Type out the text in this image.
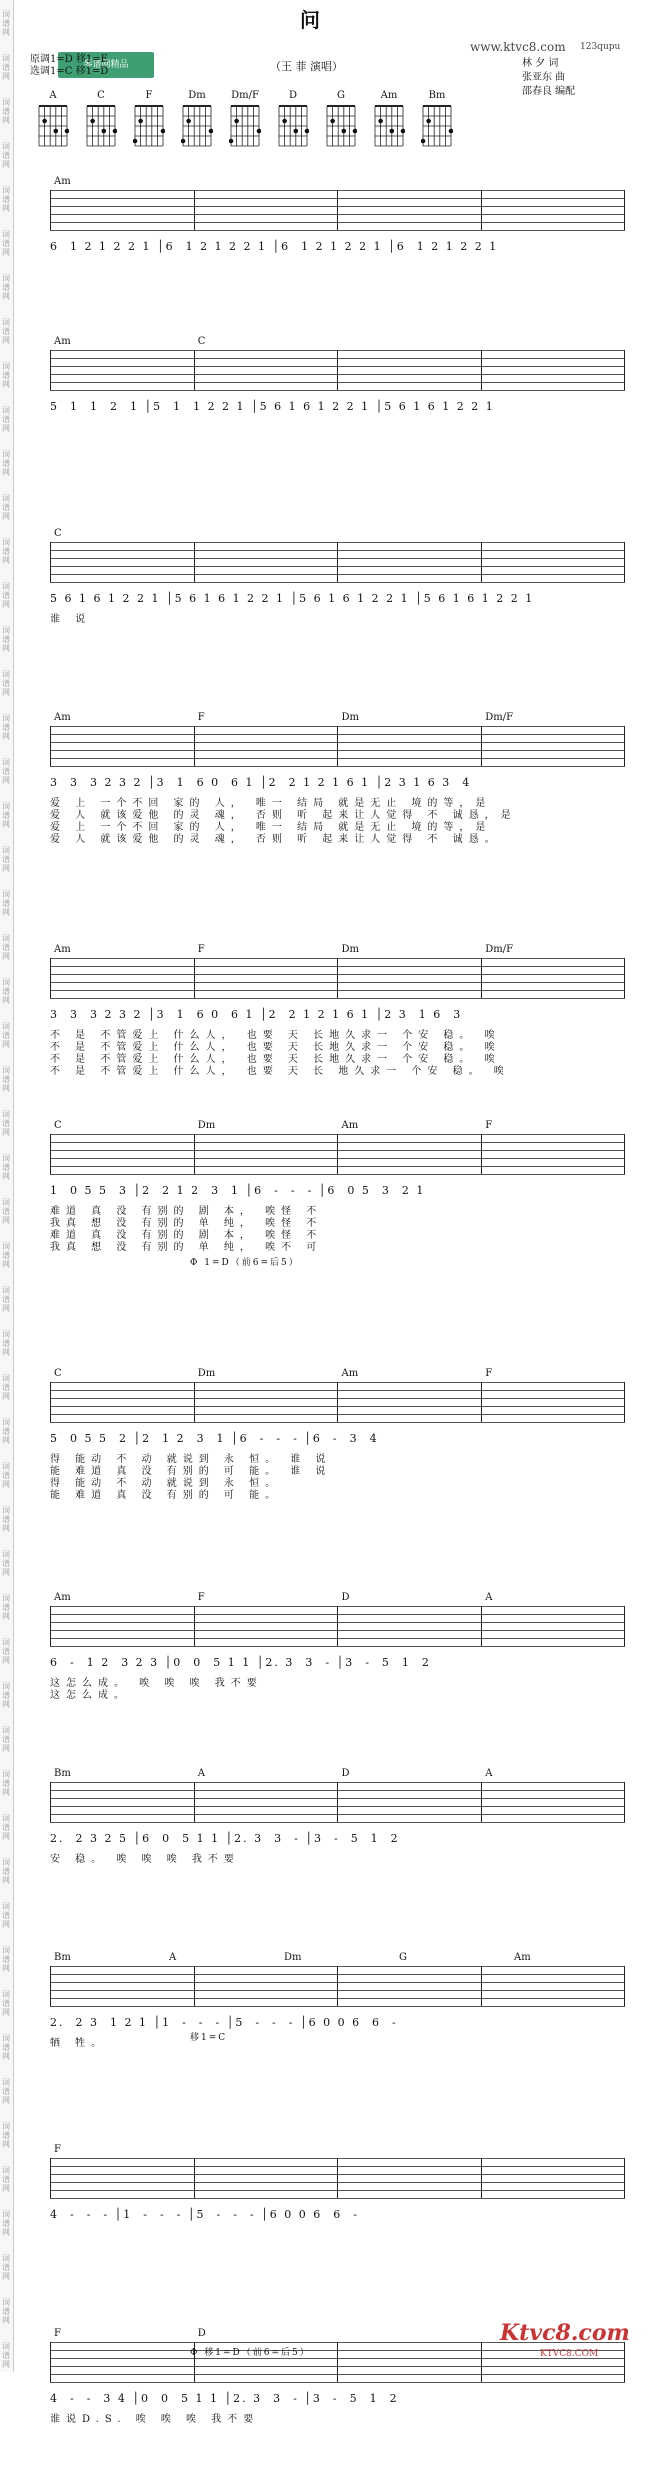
词谱网
词谱网
词谱网
词谱网
词谱网
词谱网
词谱网
词谱网
词谱网
词谱网
词谱网
词谱网
词谱网
词谱网
词谱网
词谱网
词谱网
词谱网
词谱网
词谱网
词谱网
词谱网
词谱网
词谱网
词谱网
词谱网
词谱网
词谱网
词谱网
词谱网
词谱网
词谱网
词谱网
词谱网
词谱网
词谱网
词谱网
词谱网
词谱网
词谱网
词谱网
词谱网
词谱网
词谱网
词谱网
词谱网
词谱网
词谱网
词谱网
词谱网
词谱网
词谱网
词谱网
词谱网
琴谱网精品
原调1=D 移1=E
选调1=C 移1=D
问
（王 菲 演唱）
www.ktvc8.com 123qupu
林 夕 词
张亚东 曲
邵春良 编配
A	C	F	Dm	Dm/F	D	G	Am	Bm
Am
6  1 2 1 2 2 1 │6  1 2 1 2 2 1 │6  1 2 1 2 2 1 │6  1 2 1 2 2 1
Am	C
5  1  1  2  1 │5  1  1 2 2 1 │5 6 1 6 1 2 2 1 │5 6 1 6 1 2 2 1
C
5 6 1 6 1 2 2 1 │5 6 1 6 1 2 2 1 │5 6 1 6 1 2 2 1 │5 6 1 6 1 2 2 1
谁 说
Am	F	Dm	Dm/F
3  3  3 2 3 2 │3  1  6 0  6 1 │2  2 1 2 1 6 1 │2 3 1 6 3  4
爱 上 一个不回 家的 人， 唯一 结局 就是无止 境的等，是
爱 人 就该爱他 的灵 魂， 否则 听 起来让人觉得 不 诚恳，是
爱 上 一个不回 家的 人， 唯一 结局 就是无止 境的等，是
爱 人 就该爱他 的灵 魂， 否则 听 起来让人觉得 不 诚恳。
Am	F	Dm	Dm/F
3  3  3 2 3 2 │3  1  6 0  6 1 │2  2 1 2 1 6 1 │2 3  1 6  3
不 是 不管爱上 什么人， 也要 天 长地久求一 个安 稳。 唉
不 是 不管爱上 什么人， 也要 天 长地久求一 个安 稳。 唉
不 是 不管爱上 什么人， 也要 天 长地久求一 个安 稳。 唉
不 是 不管爱上 什么人， 也要 天 长 地久求一 个安 稳。 唉
C	Dm	Am	F
1  0 5 5  3 │2  2 1 2  3  1 │6  -  -  - │6  0 5  3  2 1
难道 真 没 有别的 剧 本， 唉怪 不
我真 想 没 有别的 单 纯， 唉怪 不
难道 真 没 有别的 剧 本， 唉怪 不
我真 想 没 有别的 单 纯， 唉不 可
C	Dm	Am	F
5  0 5 5  2 │2  1 2  3  1 │6  -  -  - │6  -  3  4
得 能动 不 动 就说到 永 恒。 谁 说
能 难道 真 没 有别的 可 能。 谁 说
得 能动 不 动 就说到 永 恒。
能 难道 真 没 有别的 可 能。
Am	F	D	A
6  -  1 2  3 2 3 │0  0  5 1 1 │2. 3  3  - │3  -  5  1  2
这怎么成。 唉 唉 唉 我不要
这怎么成。
Bm	A	D	A
2.  2 3 2 5 │6  0  5 1 1 │2. 3  3  - │3  -  5  1  2
安 稳。 唉 唉 唉 我不要
Bm	A	Dm	G	Am
2.  2 3  1 2 1 │1  -  -  - │5  -  -  - │6 0 0 6  6  -
牺 牲。
F
4  -  -  - │1  -  -  - │5  -  -  - │6 0 0 6  6  -
F	D
4  -  -  3 4 │0  0  5 1 1 │2. 3  3  - │3  -  5  1  2
谁说D.S. 唉 唉 唉 我不要
Ktvc8.com
KTVC8.COM
Φ 1=D（前6=后5）
Φ 移1=D（前6=后5）
移1=C
